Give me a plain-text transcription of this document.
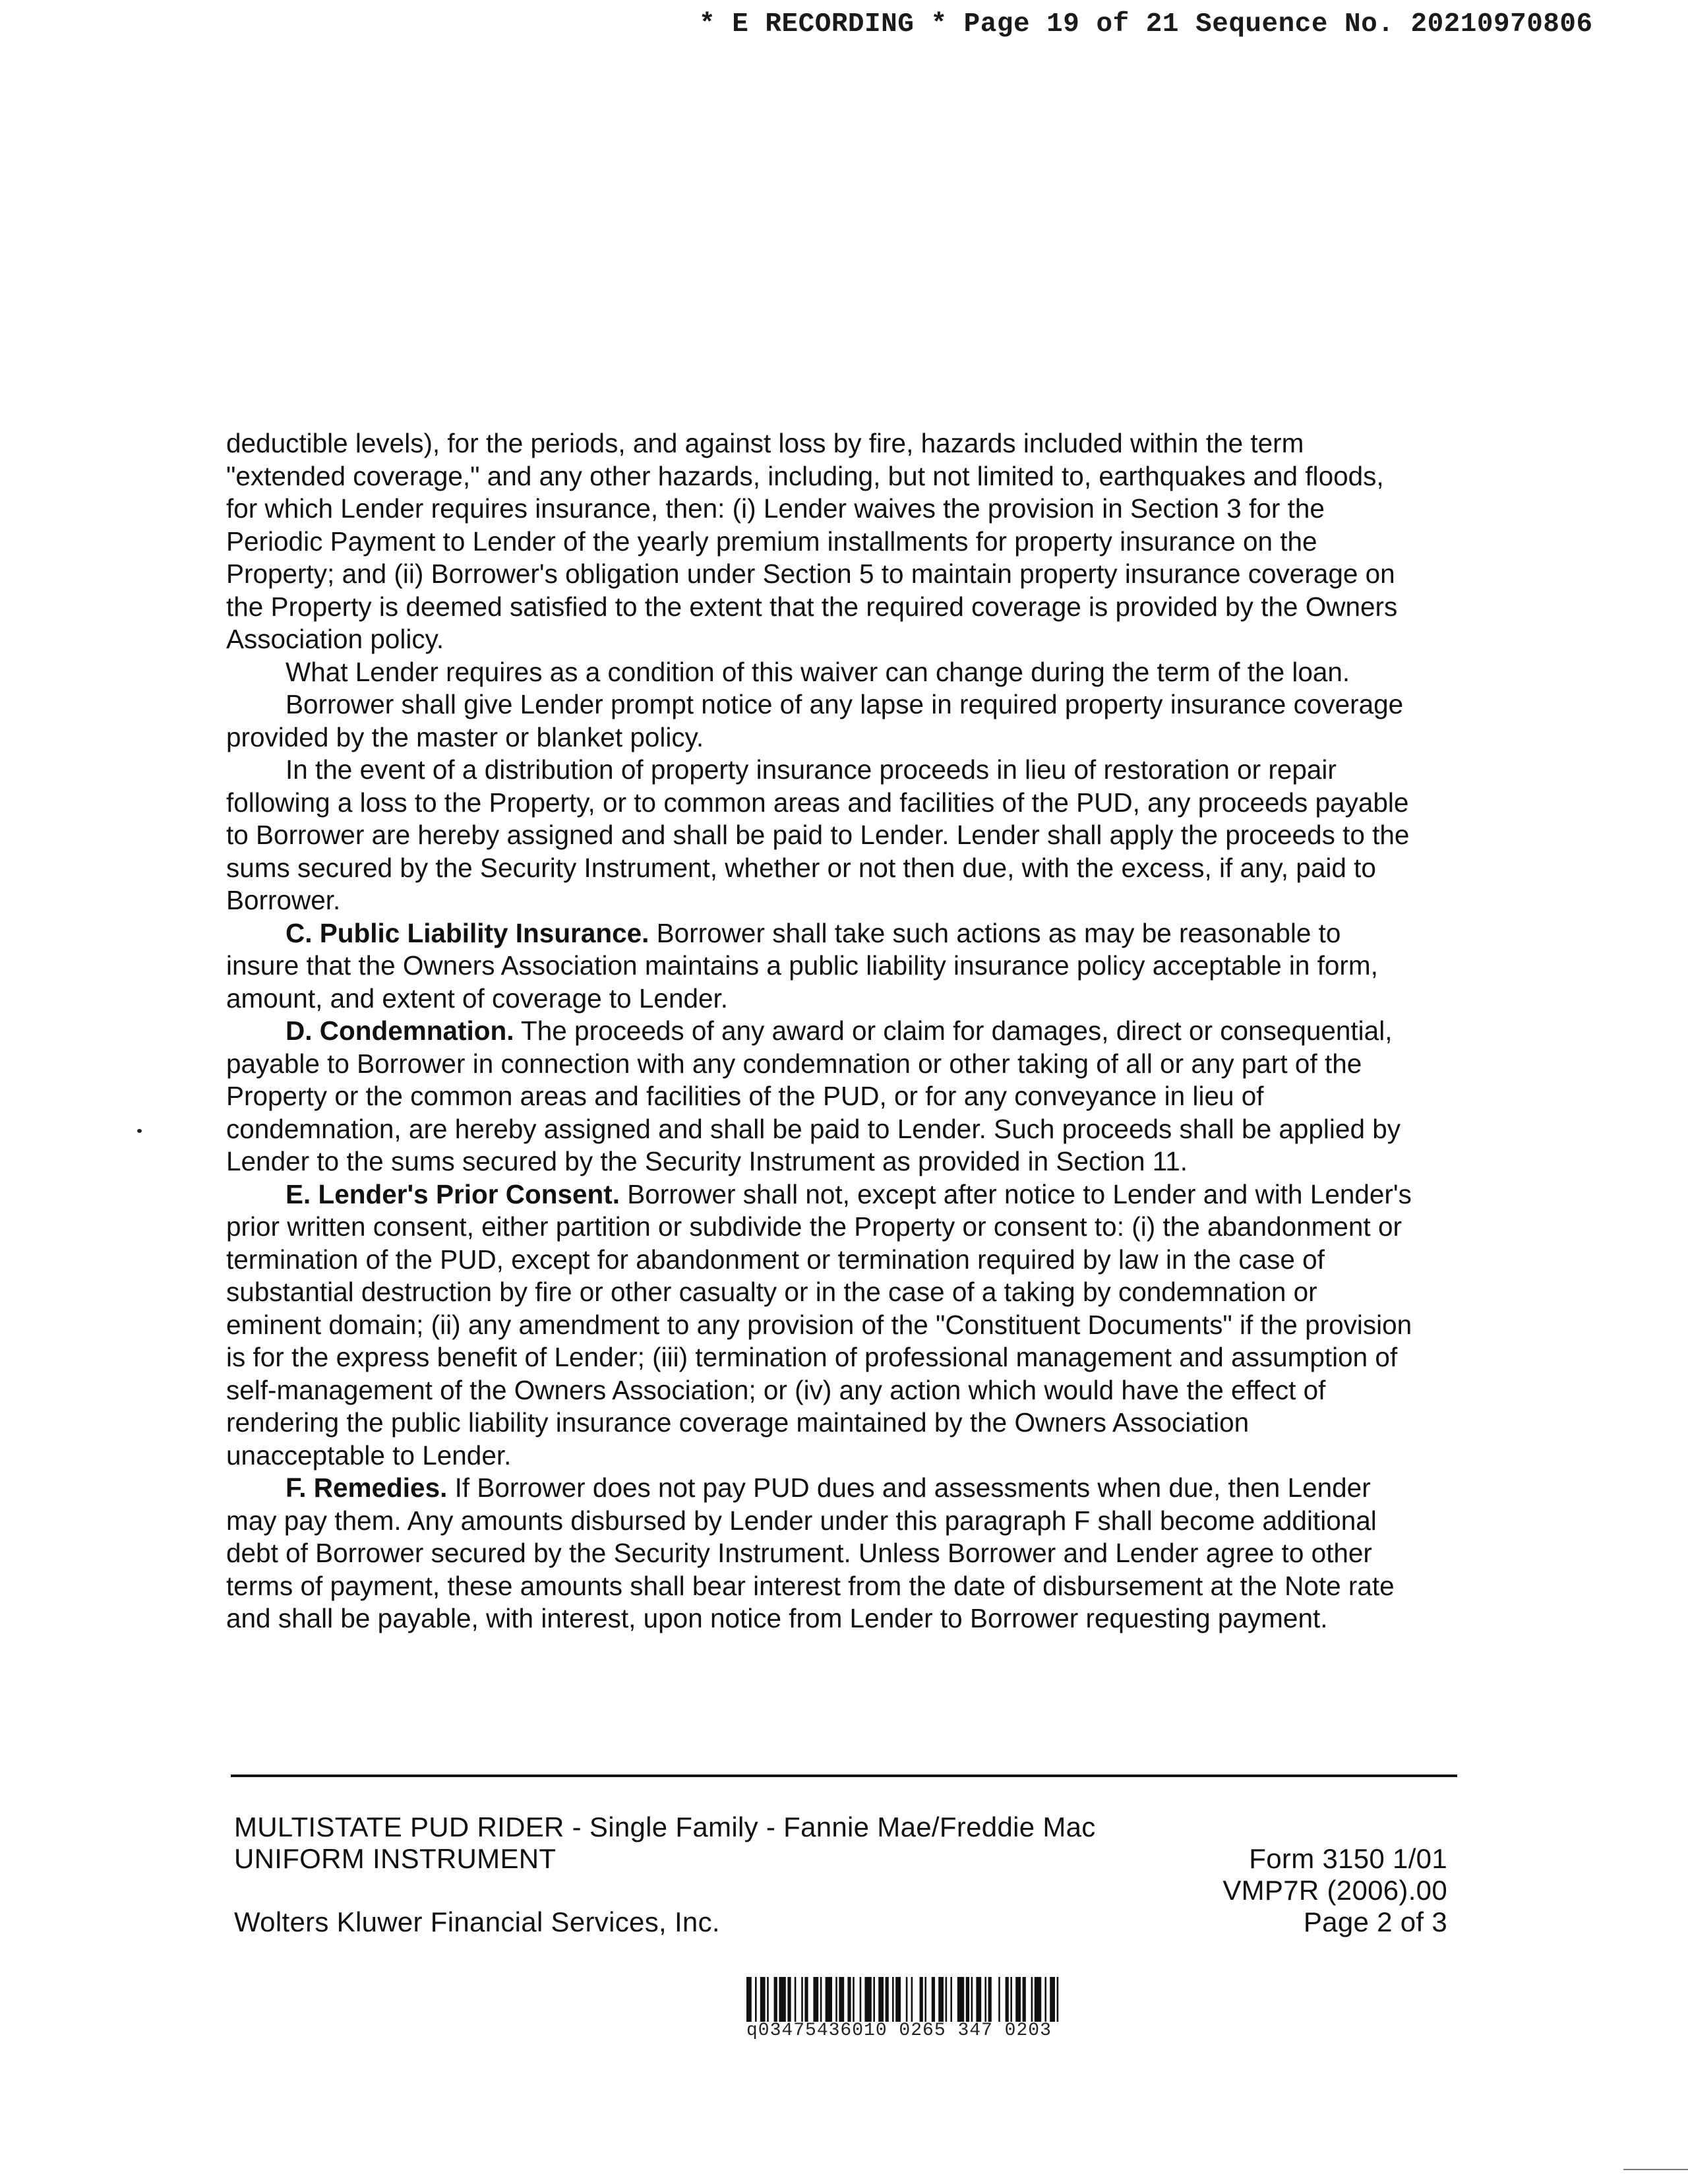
* E RECORDING * Page 19 of 21 Sequence No. 20210970806

deductible levels), for the periods, and against loss by fire, hazards included within the term "extended coverage," and any other hazards, including, but not limited to, earthquakes and floods, for which Lender requires insurance, then: (i) Lender waives the provision in Section 3 for the Periodic Payment to Lender of the yearly premium installments for property insurance on the Property; and (ii) Borrower's obligation under Section 5 to maintain property insurance coverage on the Property is deemed satisfied to the extent that the required coverage is provided by the Owners Association policy.

What Lender requires as a condition of this waiver can change during the term of the loan.

Borrower shall give Lender prompt notice of any lapse in required property insurance coverage provided by the master or blanket policy.

In the event of a distribution of property insurance proceeds in lieu of restoration or repair following a loss to the Property, or to common areas and facilities of the PUD, any proceeds payable to Borrower are hereby assigned and shall be paid to Lender. Lender shall apply the proceeds to the sums secured by the Security Instrument, whether or not then due, with the excess, if any, paid to Borrower.

C. Public Liability Insurance. Borrower shall take such actions as may be reasonable to insure that the Owners Association maintains a public liability insurance policy acceptable in form, amount, and extent of coverage to Lender.

D. Condemnation. The proceeds of any award or claim for damages, direct or consequential, payable to Borrower in connection with any condemnation or other taking of all or any part of the Property or the common areas and facilities of the PUD, or for any conveyance in lieu of condemnation, are hereby assigned and shall be paid to Lender. Such proceeds shall be applied by Lender to the sums secured by the Security Instrument as provided in Section 11.

E. Lender's Prior Consent. Borrower shall not, except after notice to Lender and with Lender's prior written consent, either partition or subdivide the Property or consent to: (i) the abandonment or termination of the PUD, except for abandonment or termination required by law in the case of substantial destruction by fire or other casualty or in the case of a taking by condemnation or eminent domain; (ii) any amendment to any provision of the "Constituent Documents" if the provision is for the express benefit of Lender; (iii) termination of professional management and assumption of self-management of the Owners Association; or (iv) any action which would have the effect of rendering the public liability insurance coverage maintained by the Owners Association unacceptable to Lender.

F. Remedies. If Borrower does not pay PUD dues and assessments when due, then Lender may pay them. Any amounts disbursed by Lender under this paragraph F shall become additional debt of Borrower secured by the Security Instrument. Unless Borrower and Lender agree to other terms of payment, these amounts shall bear interest from the date of disbursement at the Note rate and shall be payable, with interest, upon notice from Lender to Borrower requesting payment.

MULTISTATE PUD RIDER - Single Family - Fannie Mae/Freddie Mac
UNIFORM INSTRUMENT	Form 3150 1/01
VMP7R (2006).00
Wolters Kluwer Financial Services, Inc.	Page 2 of 3
q03475436010 0265 347 0203
